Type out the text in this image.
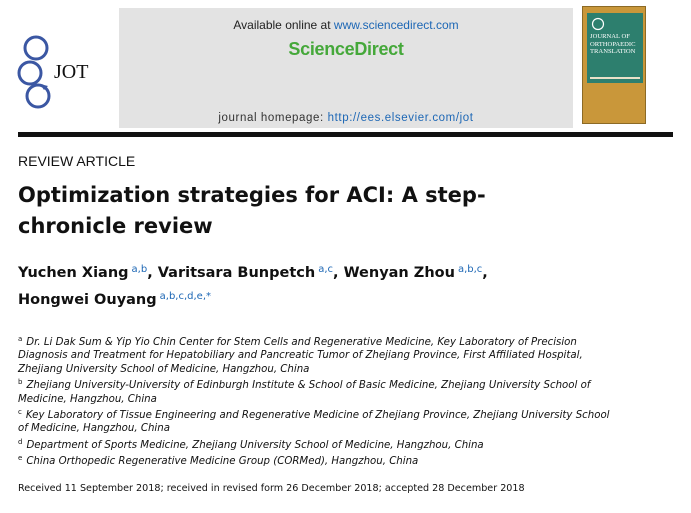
JOT
Available online at www.sciencedirect.com
ScienceDirect
journal homepage: http://ees.elsevier.com/jot
JOURNAL OF ORTHOPAEDIC TRANSLATION
REVIEW ARTICLE
Optimization strategies for ACI: A step-chronicle review
Yuchen Xiang $^{a,b}$, Varitsara Bunpetch $^{a,c}$, Wenyan Zhou $^{a,b,c}$,
Hongwei Ouyang $^{a,b,c,d,e,*}$
$^a$ Dr. Li Dak Sum & Yip Yio Chin Center for Stem Cells and Regenerative Medicine, Key Laboratory of Precision Diagnosis and Treatment for Hepatobiliary and Pancreatic Tumor of Zhejiang Province, First Affiliated Hospital, Zhejiang University School of Medicine, Hangzhou, China
$^b$ Zhejiang University-University of Edinburgh Institute & School of Basic Medicine, Zhejiang University School of Medicine, Hangzhou, China
$^c$ Key Laboratory of Tissue Engineering and Regenerative Medicine of Zhejiang Province, Zhejiang University School of Medicine, Hangzhou, China
$^d$ Department of Sports Medicine, Zhejiang University School of Medicine, Hangzhou, China
$^e$ China Orthopedic Regenerative Medicine Group (CORMed), Hangzhou, China
Received 11 September 2018; received in revised form 26 December 2018; accepted 28 December 2018
